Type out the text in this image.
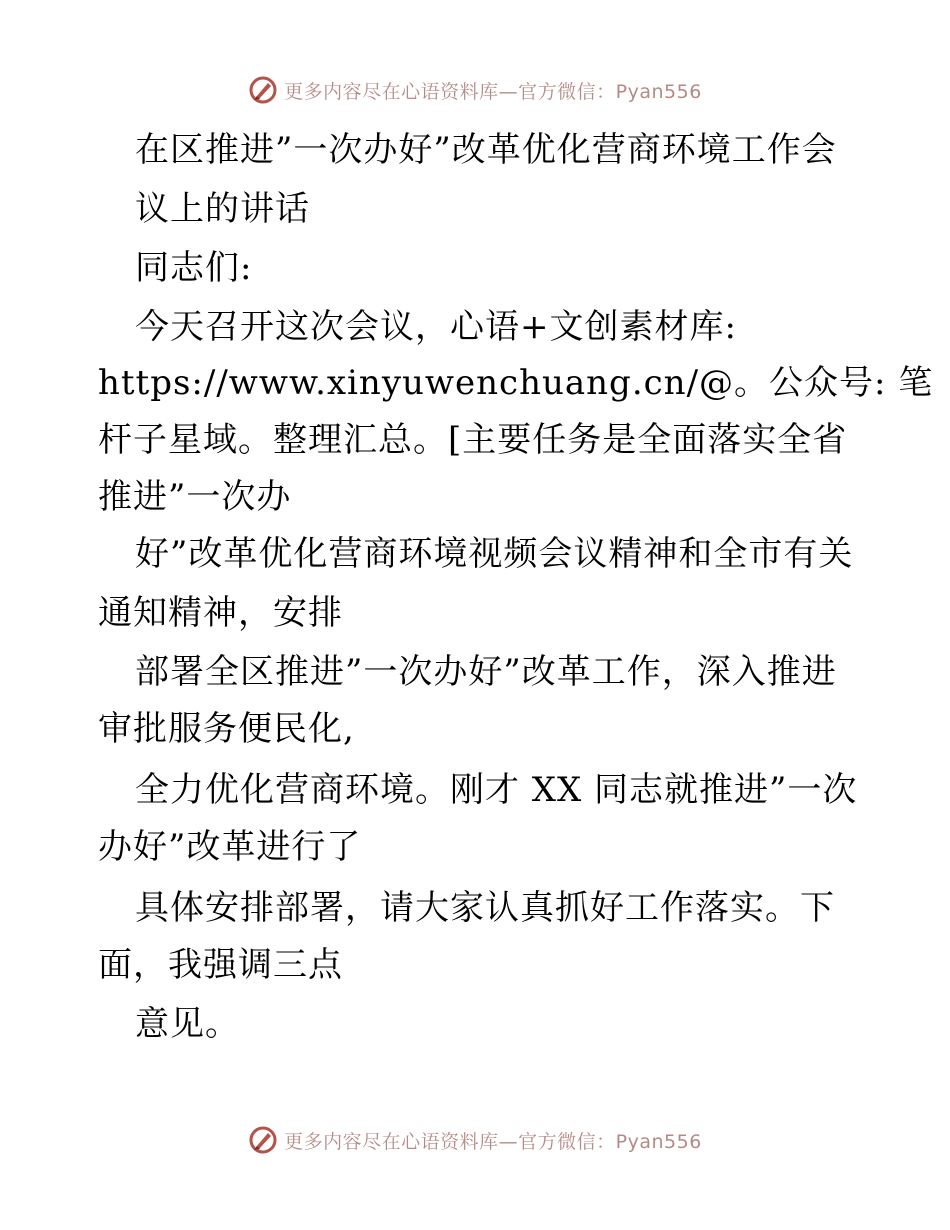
更多内容尽在心语资料库—官方微信：Pyan556
在区推进”一次办好”改革优化营商环境工作会
议上的讲话
同志们:
今天召开这次会议，心语+文创素材库:
https://www.xinyuwenchuang.cn/@。公众号: 笔
杆子星域。整理汇总。[主要任务是全面落实全省
推进”一次办
好”改革优化营商环境视频会议精神和全市有关
通知精神，安排
部署全区推进”一次办好”改革工作，深入推进
审批服务便民化,
全力优化营商环境。刚才 XX 同志就推进”一次
办好”改革进行了
具体安排部署，请大家认真抓好工作落实。下
面，我强调三点
意见。
更多内容尽在心语资料库—官方微信：Pyan556
